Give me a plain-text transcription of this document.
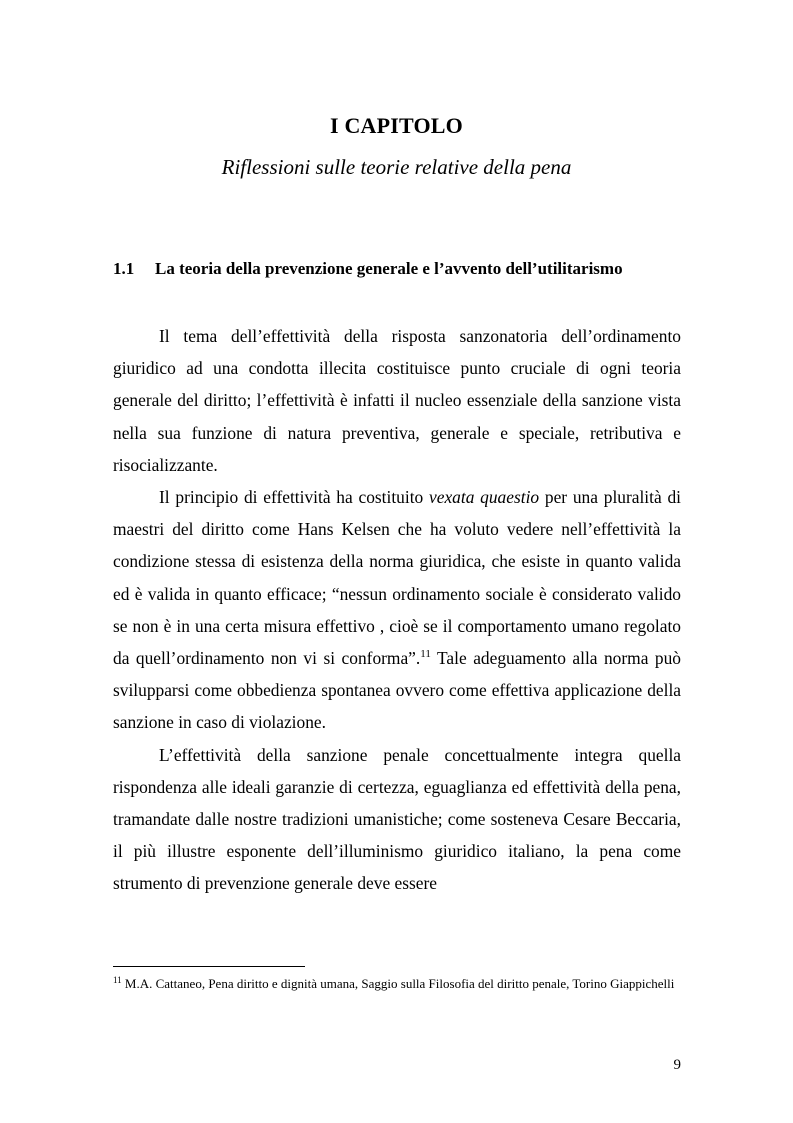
I CAPITOLO
Riflessioni sulle teorie relative della pena
1.1 La teoria della prevenzione generale e l’avvento dell’utilitarismo

Il tema dell’effettività della risposta sanzonatoria dell’ordinamento giuridico ad una condotta illecita costituisce punto cruciale di ogni teoria generale del diritto; l’effettività è infatti il nucleo essenziale della sanzione vista nella sua funzione di natura preventiva, generale e speciale, retributiva e risocializzante.

Il principio di effettività ha costituito vexata quaestio per una pluralità di maestri del diritto come Hans Kelsen che ha voluto vedere nell’effettività la condizione stessa di esistenza della norma giuridica, che esiste in quanto valida ed è valida in quanto efficace; “nessun ordinamento sociale è considerato valido se non è in una certa misura effettivo , cioè se il comportamento umano regolato da quell’ordinamento non vi si conforma”.$^{11}$ Tale adeguamento alla norma può svilupparsi come obbedienza spontanea ovvero come effettiva applicazione della sanzione in caso di violazione.

L’effettività della sanzione penale concettualmente integra quella rispondenza alle ideali garanzie di certezza, eguaglianza ed effettività della pena, tramandate dalle nostre tradizioni umanistiche; come sosteneva Cesare Beccaria, il più illustre esponente dell’illuminismo giuridico italiano, la pena come strumento di prevenzione generale deve essere

$^{11}$ M.A. Cattaneo, Pena diritto e dignità umana, Saggio sulla Filosofia del diritto penale, Torino Giappichelli
9
